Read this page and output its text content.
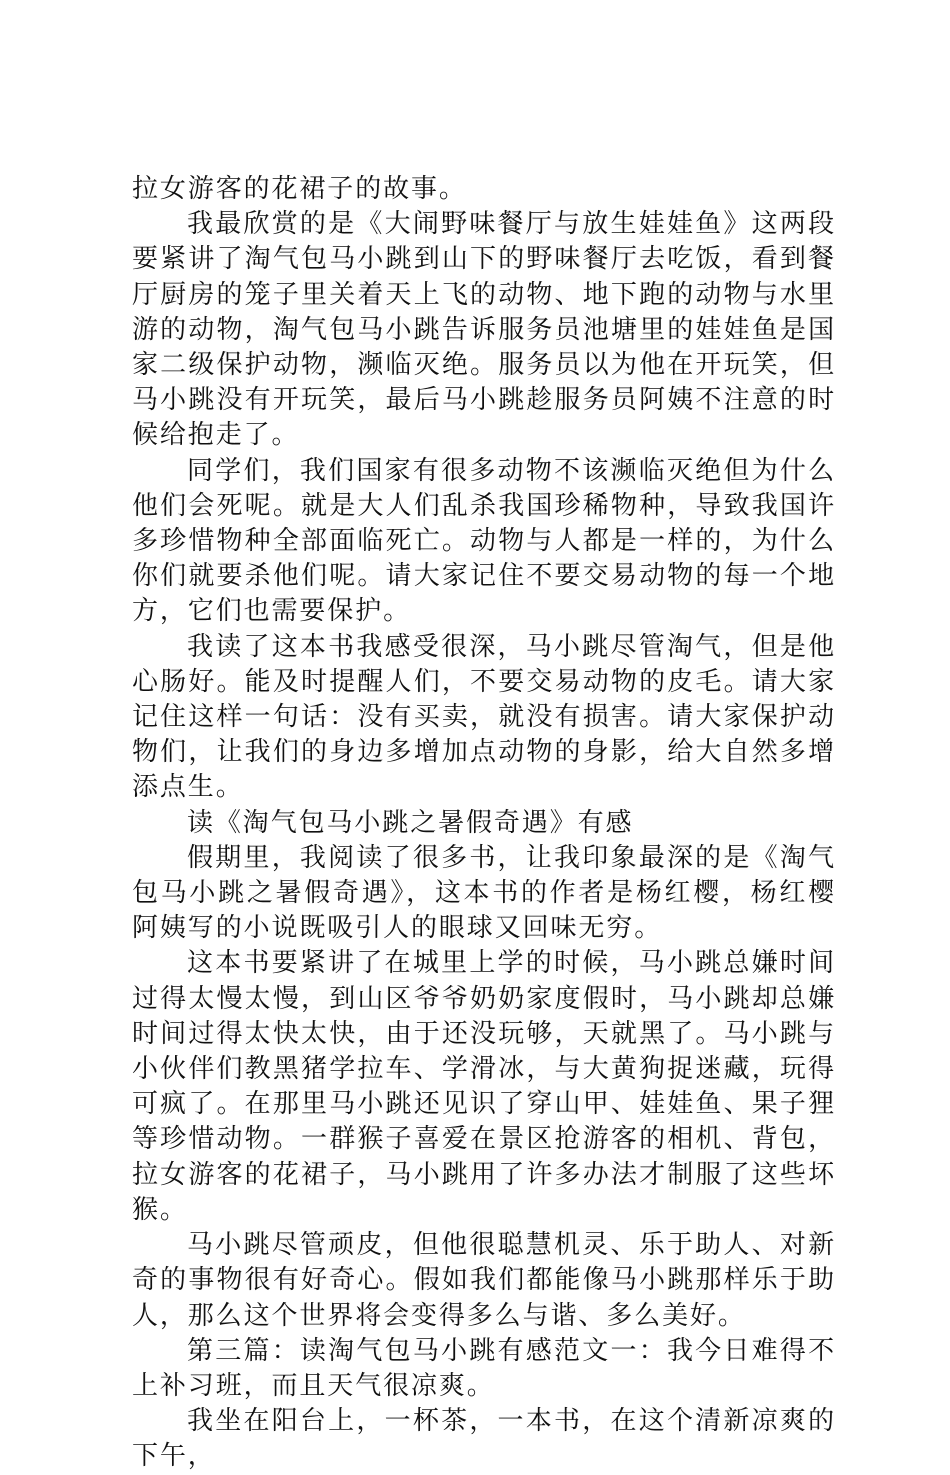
拉女游客的花裙子的故事。

我最欣赏的是《大闹野味餐厅与放生娃娃鱼》这两段要紧讲了淘气包马小跳到山下的野味餐厅去吃饭，看到餐厅厨房的笼子里关着天上飞的动物、地下跑的动物与水里游的动物，淘气包马小跳告诉服务员池塘里的娃娃鱼是国家二级保护动物，濒临灭绝。服务员以为他在开玩笑，但马小跳没有开玩笑，最后马小跳趁服务员阿姨不注意的时候给抱走了。

同学们，我们国家有很多动物不该濒临灭绝但为什么他们会死呢。就是大人们乱杀我国珍稀物种，导致我国许多珍惜物种全部面临死亡。动物与人都是一样的，为什么你们就要杀他们呢。请大家记住不要交易动物的每一个地方，它们也需要保护。

我读了这本书我感受很深，马小跳尽管淘气，但是他心肠好。能及时提醒人们，不要交易动物的皮毛。请大家记住这样一句话：没有买卖，就没有损害。请大家保护动物们，让我们的身边多增加点动物的身影，给大自然多增添点生。

读《淘气包马小跳之暑假奇遇》有感

假期里，我阅读了很多书，让我印象最深的是《淘气包马小跳之暑假奇遇》，这本书的作者是杨红樱，杨红樱阿姨写的小说既吸引人的眼球又回味无穷。

这本书要紧讲了在城里上学的时候，马小跳总嫌时间过得太慢太慢，到山区爷爷奶奶家度假时，马小跳却总嫌时间过得太快太快，由于还没玩够，天就黑了。马小跳与小伙伴们教黑猪学拉车、学滑冰，与大黄狗捉迷藏，玩得可疯了。在那里马小跳还见识了穿山甲、娃娃鱼、果子狸等珍惜动物。一群猴子喜爱在景区抢游客的相机、背包，拉女游客的花裙子，马小跳用了许多办法才制服了这些坏猴。

马小跳尽管顽皮，但他很聪慧机灵、乐于助人、对新奇的事物很有好奇心。假如我们都能像马小跳那样乐于助人，那么这个世界将会变得多么与谐、多么美好。

第三篇：读淘气包马小跳有感范文一：我今日难得不上补习班，而且天气很凉爽。

我坐在阳台上，一杯茶，一本书，在这个清新凉爽的下午，
